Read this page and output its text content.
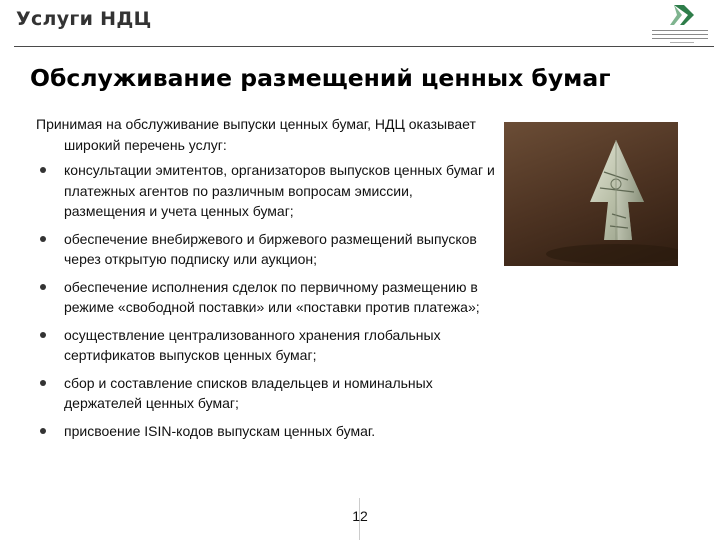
Услуги НДЦ
Обслуживание размещений ценных бумаг
Принимая на обслуживание выпуски ценных бумаг, НДЦ оказывает широкий перечень услуг:
консультации эмитентов, организаторов выпусков ценных бумаг и платежных агентов по различным вопросам эмиссии, размещения и учета ценных бумаг;
обеспечение внебиржевого и биржевого размещений выпусков через открытую подписку или аукцион;
обеспечение исполнения сделок по первичному размещению в режиме «свободной поставки» или «поставки против платежа»;
осуществление централизованного хранения глобальных сертификатов выпусков ценных бумаг;
сбор и составление списков владельцев и номинальных держателей ценных бумаг;
присвоение ISIN-кодов выпускам ценных бумаг.
12
